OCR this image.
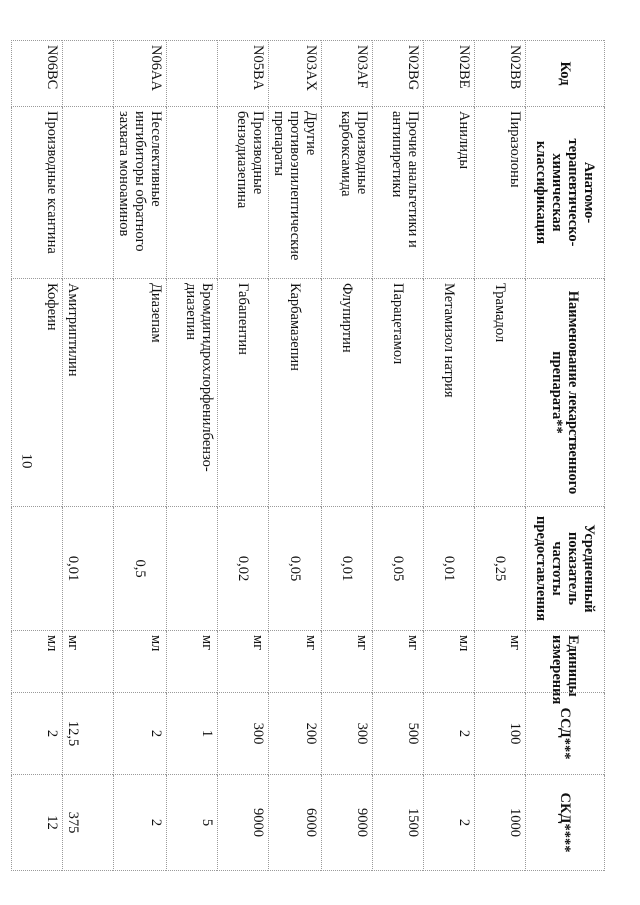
10
Код	Анатомо-терапевтическо-химическая классификация	Наименование лекарственного препарата**	Усредненный показатель частоты предоставления	Единицы измерения	ССД***	СКД****
N02BB	Пиразолоны	Трамадол	0,25	мг	100	1000
N02BE	Анилиды	Метамизол натрия	0,01	мл	2	2
N02BG	Прочие анальгетики и антипиретики	Парацетамол	0,05	мг	500	1500
N03AF	Производные карбоксамида	Флупиртин	0,01	мг	300	9000
N03AX	Другие противоэпилептические препараты	Карбамазепин	0,05	мг	200	6000
N05BA	Производные бензодиазепина	Габапентин	0,02	мг	300	9000
		Бромдигидрохлорфенилбензо-диазепин		мг	1	5
N06AA	Неселективные ингибиторы обратного захвата моноаминов	Диазепам	0,5	мл	2	2
		Амитриптилин	0,01	мг	12,5	375
N06BC	Производные ксантина	Кофеин		мл	2	12
